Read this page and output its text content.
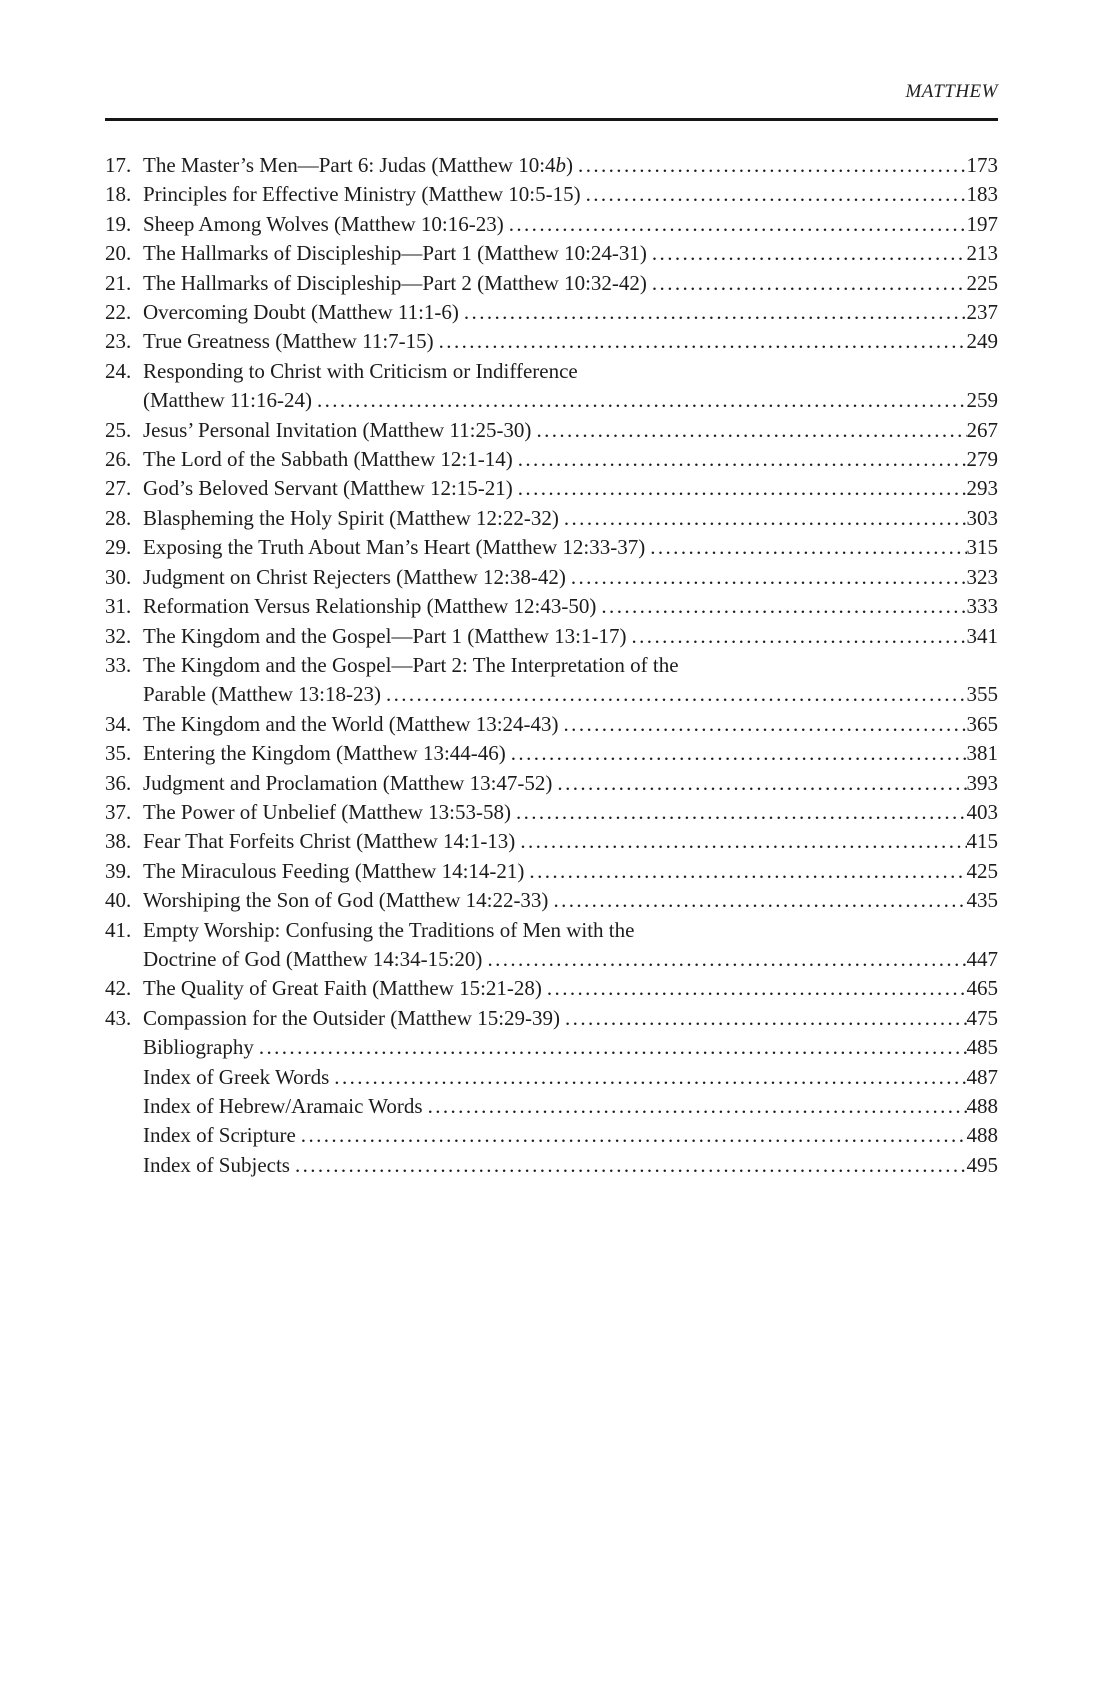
MATTHEW
17. The Master’s Men—Part 6: Judas (Matthew 10:4b) .....	173
18. Principles for Effective Ministry (Matthew 10:5-15) .....	183
19. Sheep Among Wolves (Matthew 10:16-23) .....	197
20. The Hallmarks of Discipleship—Part 1 (Matthew 10:24-31) .....	213
21. The Hallmarks of Discipleship—Part 2 (Matthew 10:32-42) .....	225
22. Overcoming Doubt (Matthew 11:1-6) .....	237
23. True Greatness (Matthew 11:7-15) .....	249
24. Responding to Christ with Criticism or Indifference
(Matthew 11:16-24) .....	259
25. Jesus’ Personal Invitation (Matthew 11:25-30) .....	267
26. The Lord of the Sabbath (Matthew 12:1-14) .....	279
27. God’s Beloved Servant (Matthew 12:15-21) .....	293
28. Blaspheming the Holy Spirit (Matthew 12:22-32) .....	303
29. Exposing the Truth About Man’s Heart (Matthew 12:33-37) .....	315
30. Judgment on Christ Rejecters (Matthew 12:38-42) .....	323
31. Reformation Versus Relationship (Matthew 12:43-50) .....	333
32. The Kingdom and the Gospel—Part 1 (Matthew 13:1-17) .....	341
33. The Kingdom and the Gospel—Part 2: The Interpretation of the
Parable (Matthew 13:18-23) .....	355
34. The Kingdom and the World (Matthew 13:24-43) .....	365
35. Entering the Kingdom (Matthew 13:44-46) .....	381
36. Judgment and Proclamation (Matthew 13:47-52) .....	393
37. The Power of Unbelief (Matthew 13:53-58) .....	403
38. Fear That Forfeits Christ (Matthew 14:1-13) .....	415
39. The Miraculous Feeding (Matthew 14:14-21) .....	425
40. Worshiping the Son of God (Matthew 14:22-33) .....	435
41. Empty Worship: Confusing the Traditions of Men with the
Doctrine of God (Matthew 14:34-15:20) .....	447
42. The Quality of Great Faith (Matthew 15:21-28) .....	465
43. Compassion for the Outsider (Matthew 15:29-39) .....	475
Bibliography .....	485
Index of Greek Words .....	487
Index of Hebrew/Aramaic Words .....	488
Index of Scripture .....	488
Index of Subjects .....	495
